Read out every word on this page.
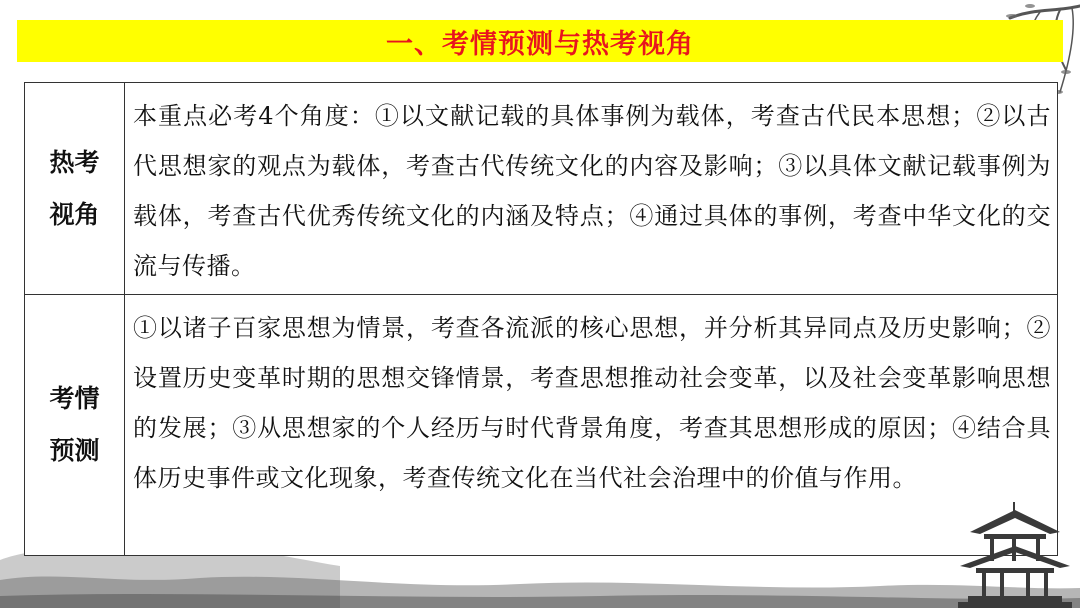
一、考情预测与热考视角
热考视角
本重点必考4个角度：①以文献记载的具体事例为载体，考查古代民本思想；②以古代思想家的观点为载体，考查古代传统文化的内容及影响；③以具体文献记载事例为载体，考查古代优秀传统文化的内涵及特点；④通过具体的事例，考查中华文化的交流与传播。
考情预测
①以诸子百家思想为情景，考查各流派的核心思想，并分析其异同点及历史影响；②设置历史变革时期的思想交锋情景，考查思想推动社会变革，以及社会变革影响思想的发展；③从思想家的个人经历与时代背景角度，考查其思想形成的原因；④结合具体历史事件或文化现象，考查传统文化在当代社会治理中的价值与作用。
